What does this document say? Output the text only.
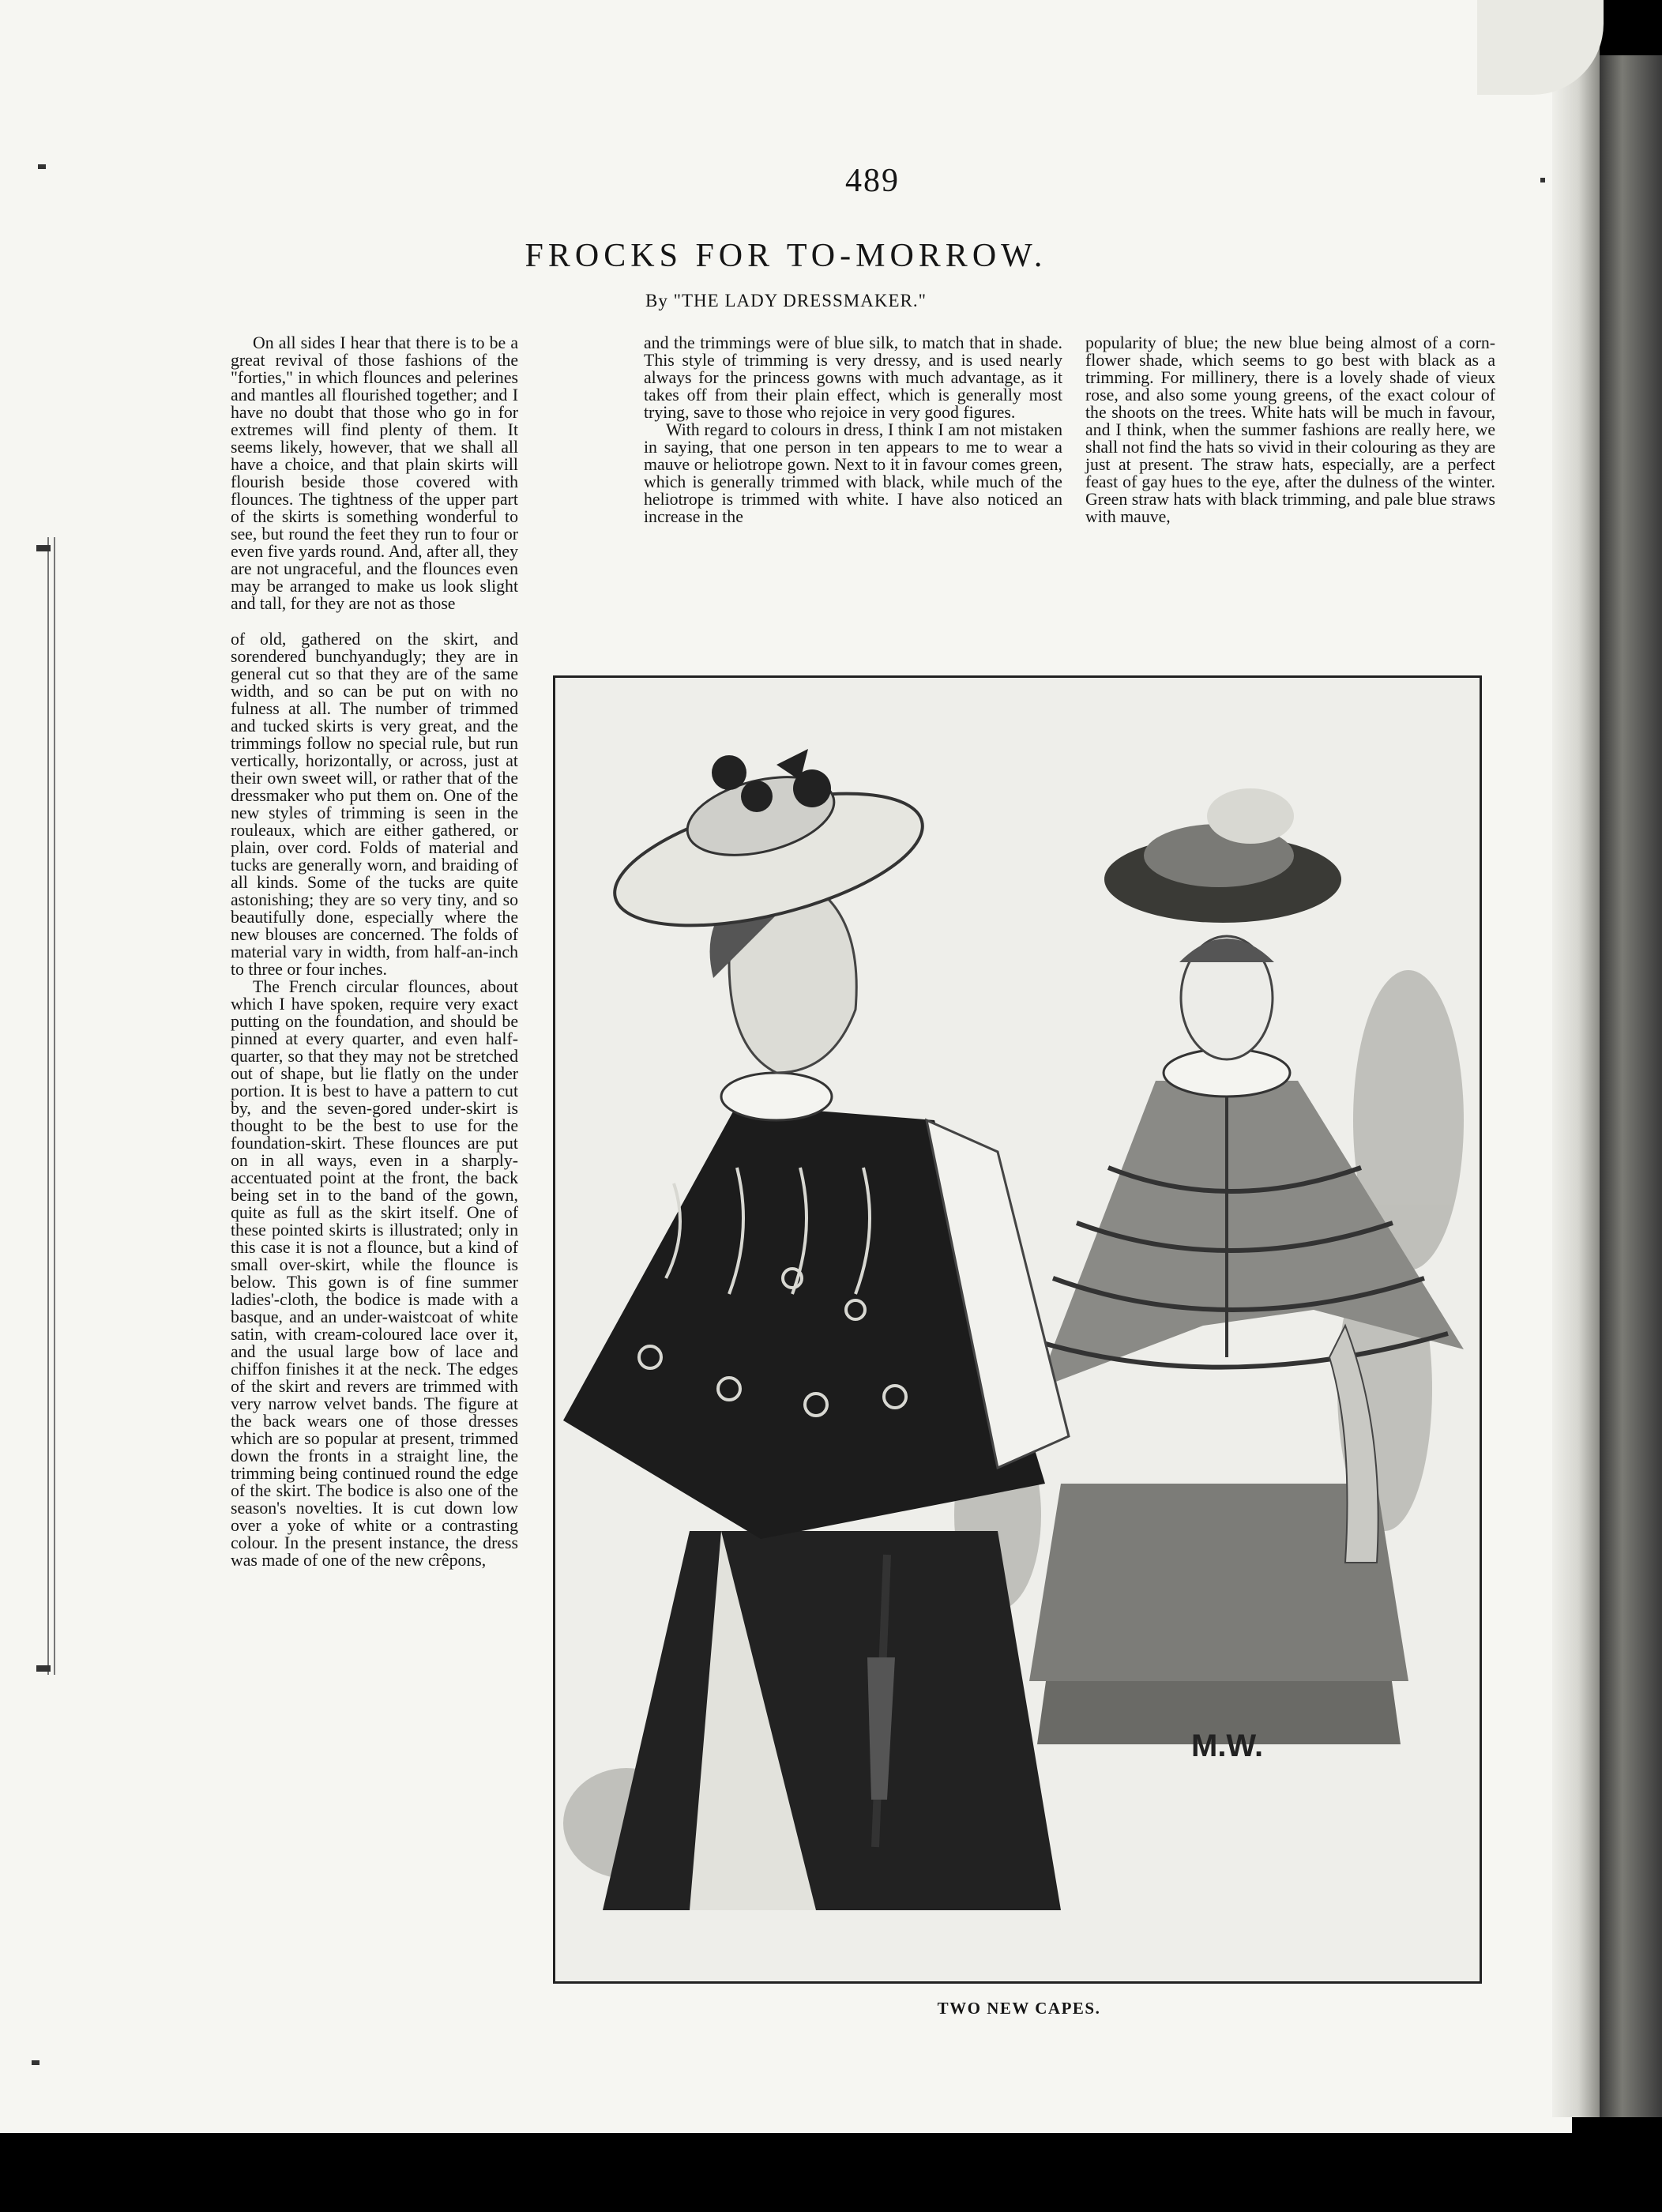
489
FROCKS FOR TO-MORROW.
By "THE LADY DRESSMAKER."

On all sides I hear that there is to be a great revival of those fashions of the "forties," in which flounces and pelerines and mantles all flourished together; and I have no doubt that those who go in for extremes will find plenty of them. It seems likely, however, that we shall all have a choice, and that plain skirts will flourish beside those covered with flounces. The tightness of the upper part of the skirts is something wonderful to see, but round the feet they run to four or even five yards round. And, after all, they are not ungraceful, and the flounces even may be arranged to make us look slight and tall, for they are not as those

of old, gathered on the skirt, and sorendered bunchyandugly; they are in general cut so that they are of the same width, and so can be put on with no fulness at all. The number of trimmed and tucked skirts is very great, and the trimmings follow no special rule, but run vertically, horizontally, or across, just at their own sweet will, or rather that of the dressmaker who put them on. One of the new styles of trimming is seen in the rouleaux, which are either gathered, or plain, over cord. Folds of material and tucks are generally worn, and braiding of all kinds. Some of the tucks are quite astonishing; they are so very tiny, and so beautifully done, especially where the new blouses are concerned. The folds of material vary in width, from half-an-inch to three or four inches.

The French circular flounces, about which I have spoken, require very exact putting on the foundation, and should be pinned at every quarter, and even half-quarter, so that they may not be stretched out of shape, but lie flatly on the under portion. It is best to have a pattern to cut by, and the seven-gored under-skirt is thought to be the best to use for the foundation-skirt. These flounces are put on in all ways, even in a sharply-accentuated point at the front, the back being set in to the band of the gown, quite as full as the skirt itself. One of these pointed skirts is illustrated; only in this case it is not a flounce, but a kind of small over-skirt, while the flounce is below. This gown is of fine summer ladies'-cloth, the bodice is made with a basque, and an under-waistcoat of white satin, with cream-coloured lace over it, and the usual large bow of lace and chiffon finishes it at the neck. The edges of the skirt and revers are trimmed with very narrow velvet bands. The figure at the back wears one of those dresses which are so popular at present, trimmed down the fronts in a straight line, the trimming being continued round the edge of the skirt. The bodice is also one of the season's novelties. It is cut down low over a yoke of white or a contrasting colour. In the present instance, the dress was made of one of the new crêpons,

and the trimmings were of blue silk, to match that in shade. This style of trimming is very dressy, and is used nearly always for the princess gowns with much advantage, as it takes off from their plain effect, which is generally most trying, save to those who rejoice in very good figures.

With regard to colours in dress, I think I am not mistaken in saying, that one person in ten appears to me to wear a mauve or heliotrope gown. Next to it in favour comes green, which is generally trimmed with black, while much of the heliotrope is trimmed with white. I have also noticed an increase in the

popularity of blue; the new blue being almost of a corn-flower shade, which seems to go best with black as a trimming. For millinery, there is a lovely shade of vieux rose, and also some young greens, of the exact colour of the shoots on the trees. White hats will be much in favour, and I think, when the summer fashions are really here, we shall not find the hats so vivid in their colouring as they are just at present. The straw hats, especially, are a perfect feast of gay hues to the eye, after the dulness of the winter. Green straw hats with black trimming, and pale blue straws with mauve,

M.W.
TWO NEW CAPES.
